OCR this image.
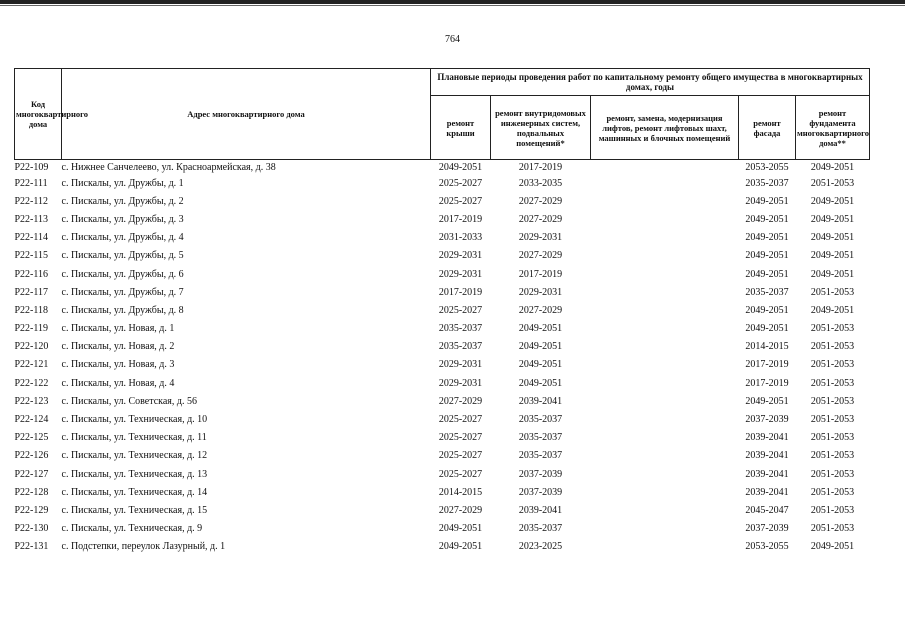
764
Код многоквартирного дома	Адрес многоквартирного дома	Плановые периоды проведения работ по капитальному ремонту общего имущества в многоквартирных домах, годы				
		ремонт крыши	ремонт внутридомовых инженерных систем, подвальных помещений*	ремонт, замена, модернизация лифтов, ремонт лифтовых шахт, машинных и блочных помещений	ремонт фасада	ремонт фундамента многоквартирного дома**
Р22-109	с. Нижнее Санчелеево, ул. Красноармейская, д. 38	2049-2051	2017-2019		2053-2055	2049-2051
Р22-111	с. Пискалы, ул. Дружбы, д. 1	2025-2027	2033-2035		2035-2037	2051-2053
Р22-112	с. Пискалы, ул. Дружбы, д. 2	2025-2027	2027-2029		2049-2051	2049-2051
Р22-113	с. Пискалы, ул. Дружбы, д. 3	2017-2019	2027-2029		2049-2051	2049-2051
Р22-114	с. Пискалы, ул. Дружбы, д. 4	2031-2033	2029-2031		2049-2051	2049-2051
Р22-115	с. Пискалы, ул. Дружбы, д. 5	2029-2031	2027-2029		2049-2051	2049-2051
Р22-116	с. Пискалы, ул. Дружбы, д. 6	2029-2031	2017-2019		2049-2051	2049-2051
Р22-117	с. Пискалы, ул. Дружбы, д. 7	2017-2019	2029-2031		2035-2037	2051-2053
Р22-118	с. Пискалы, ул. Дружбы, д. 8	2025-2027	2027-2029		2049-2051	2049-2051
Р22-119	с. Пискалы, ул. Новая, д. 1	2035-2037	2049-2051		2049-2051	2051-2053
Р22-120	с. Пискалы, ул. Новая, д. 2	2035-2037	2049-2051		2014-2015	2051-2053
Р22-121	с. Пискалы, ул. Новая, д. 3	2029-2031	2049-2051		2017-2019	2051-2053
Р22-122	с. Пискалы, ул. Новая, д. 4	2029-2031	2049-2051		2017-2019	2051-2053
Р22-123	с. Пискалы, ул. Советская, д. 56	2027-2029	2039-2041		2049-2051	2051-2053
Р22-124	с. Пискалы, ул. Техническая, д. 10	2025-2027	2035-2037		2037-2039	2051-2053
Р22-125	с. Пискалы, ул. Техническая, д. 11	2025-2027	2035-2037		2039-2041	2051-2053
Р22-126	с. Пискалы, ул. Техническая, д. 12	2025-2027	2035-2037		2039-2041	2051-2053
Р22-127	с. Пискалы, ул. Техническая, д. 13	2025-2027	2037-2039		2039-2041	2051-2053
Р22-128	с. Пискалы, ул. Техническая, д. 14	2014-2015	2037-2039		2039-2041	2051-2053
Р22-129	с. Пискалы, ул. Техническая, д. 15	2027-2029	2039-2041		2045-2047	2051-2053
Р22-130	с. Пискалы, ул. Техническая, д. 9	2049-2051	2035-2037		2037-2039	2051-2053
Р22-131	с. Подстепки, переулок Лазурный, д. 1	2049-2051	2023-2025		2053-2055	2049-2051
